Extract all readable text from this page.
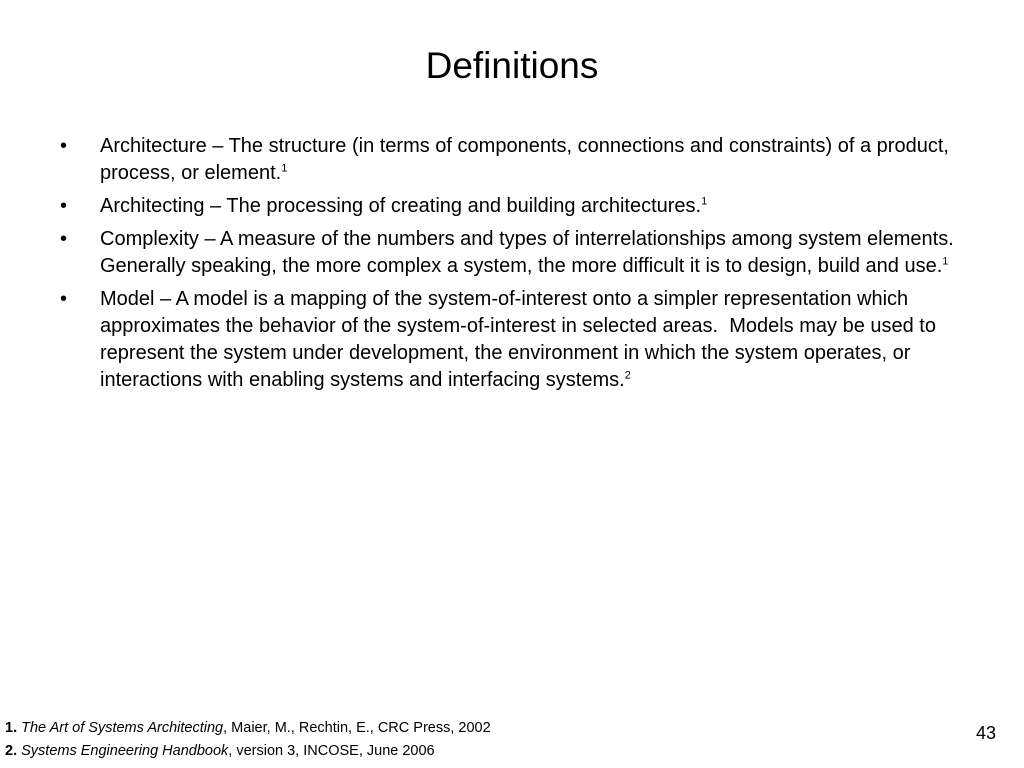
Definitions
•	Architecture – The structure (in terms of components, connections and constraints) of a product, process, or element.$^1$
•	Architecting – The processing of creating and building architectures.$^1$
•	Complexity – A measure of the numbers and types of interrelationships among system elements.  Generally speaking, the more complex a system, the more difficult it is to design, build and use.$^1$
•	Model – A model is a mapping of the system-of-interest onto a simpler representation which approximates the behavior of the system-of-interest in selected areas.  Models may be used to represent the system under development, the environment in which the system operates, or interactions with enabling systems and interfacing systems.$^2$
1. The Art of Systems Architecting, Maier, M., Rechtin, E., CRC Press, 2002
2. Systems Engineering Handbook, version 3, INCOSE, June 2006
43
